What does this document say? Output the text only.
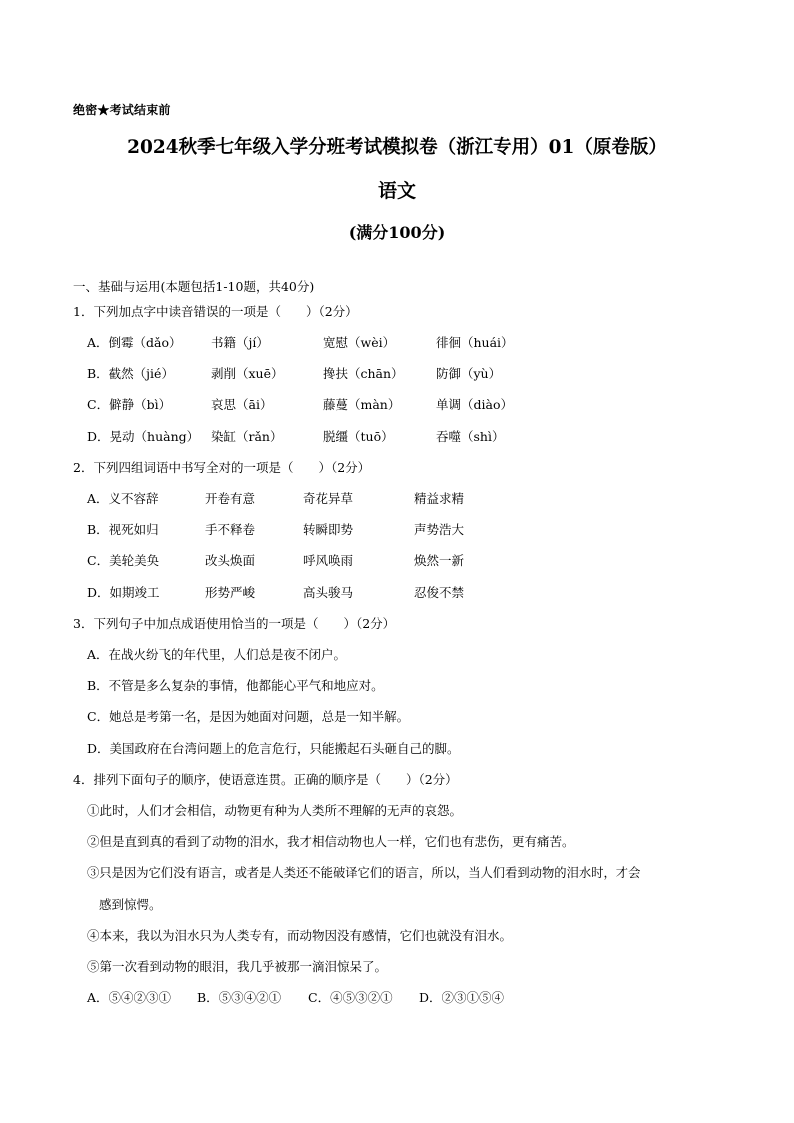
绝密★考试结束前
2024秋季七年级入学分班考试模拟卷（浙江专用）01（原卷版）
语文
(满分100分)
一、基础与运用(本题包括1-10题，共40分)
1．下列加点字中读音错误的一项是（　　）（2分）
A．倒霉（dǎo） 书籍（jí）	宽慰（wèi）	徘徊（huái）
B．截然（jié）	剥削（xuē）	搀扶（chān）	防御（yù）
C．僻静（bì）	哀思（āi）	藤蔓（màn）	单调（diào）
D．晃动（huàng） 染缸（rǎn）	脱缰（tuō）	吞噬（shì）
2．下列四组词语中书写全对的一项是（　　）（2分）
A．义不容辞	开卷有意	奇花异草	精益求精
B．视死如归	手不释卷	转瞬即势	声势浩大
C．美轮美奂	改头焕面	呼风唤雨	焕然一新
D．如期竣工	形势严峻	高头骏马	忍俊不禁
3．下列句子中加点成语使用恰当的一项是（　　）（2分）
A．在战火纷飞的年代里，人们总是夜不闭户。
B．不管是多么复杂的事情，他都能心平气和地应对。
C．她总是考第一名，是因为她面对问题，总是一知半解。
D．美国政府在台湾问题上的危言危行，只能搬起石头砸自己的脚。
4．排列下面句子的顺序，使语意连贯。正确的顺序是（　　）（2分）
①此时，人们才会相信，动物更有种为人类所不理解的无声的哀怨。
②但是直到真的看到了动物的泪水，我才相信动物也人一样，它们也有悲伤，更有痛苦。
③只是因为它们没有语言，或者是人类还不能破译它们的语言，所以，当人们看到动物的泪水时，才会
感到惊愕。
④本来，我以为泪水只为人类专有，而动物因没有感情，它们也就没有泪水。
⑤第一次看到动物的眼泪，我几乎被那一滴泪惊呆了。
A．⑤④②③① B．⑤③④②① C．④⑤③②① D．②③①⑤④
